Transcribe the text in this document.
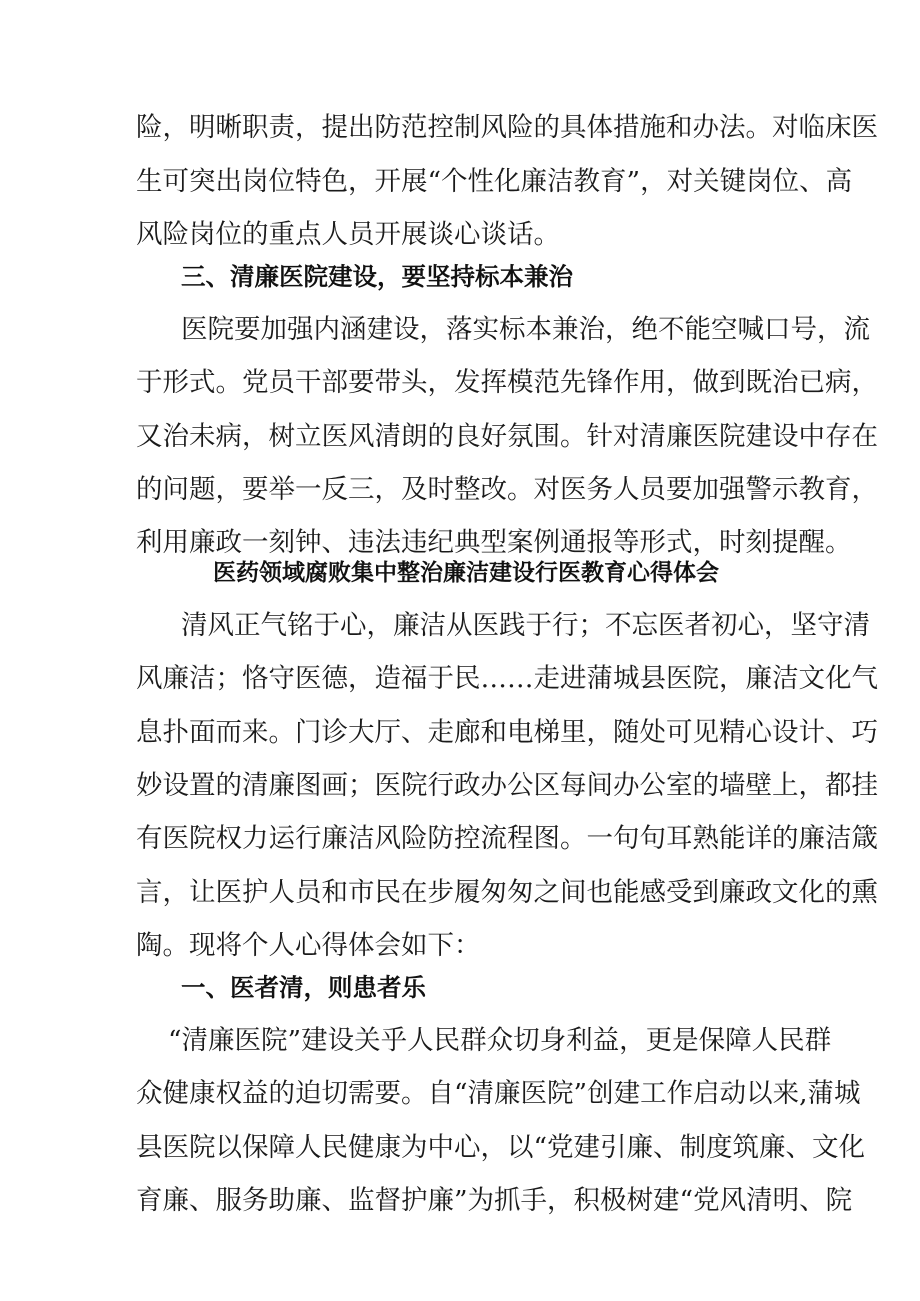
险，明晰职责，提出防范控制风险的具体措施和办法。对临床医
生可突出岗位特色，开展“个性化廉洁教育”，对关键岗位、高
风险岗位的重点人员开展谈心谈话。
三、清廉医院建设，要坚持标本兼治
医院要加强内涵建设，落实标本兼治，绝不能空喊口号，流
于形式。党员干部要带头，发挥模范先锋作用，做到既治已病，
又治未病，树立医风清朗的良好氛围。针对清廉医院建设中存在
的问题，要举一反三，及时整改。对医务人员要加强警示教育，
利用廉政一刻钟、违法违纪典型案例通报等形式，时刻提醒。
医药领域腐败集中整治廉洁建设行医教育心得体会
清风正气铭于心，廉洁从医践于行；不忘医者初心，坚守清
风廉洁；恪守医德，造福于民……走进蒲城县医院，廉洁文化气
息扑面而来。门诊大厅、走廊和电梯里，随处可见精心设计、巧
妙设置的清廉图画；医院行政办公区每间办公室的墙壁上，都挂
有医院权力运行廉洁风险防控流程图。一句句耳熟能详的廉洁箴
言，让医护人员和市民在步履匆匆之间也能感受到廉政文化的熏
陶。现将个人心得体会如下：
一、医者清，则患者乐
“清廉医院”建设关乎人民群众切身利益，更是保障人民群
众健康权益的迫切需要。自“清廉医院”创建工作启动以来,蒲城
县医院以保障人民健康为中心，以“党建引廉、制度筑廉、文化
育廉、服务助廉、监督护廉”为抓手，积极树建“党风清明、院
